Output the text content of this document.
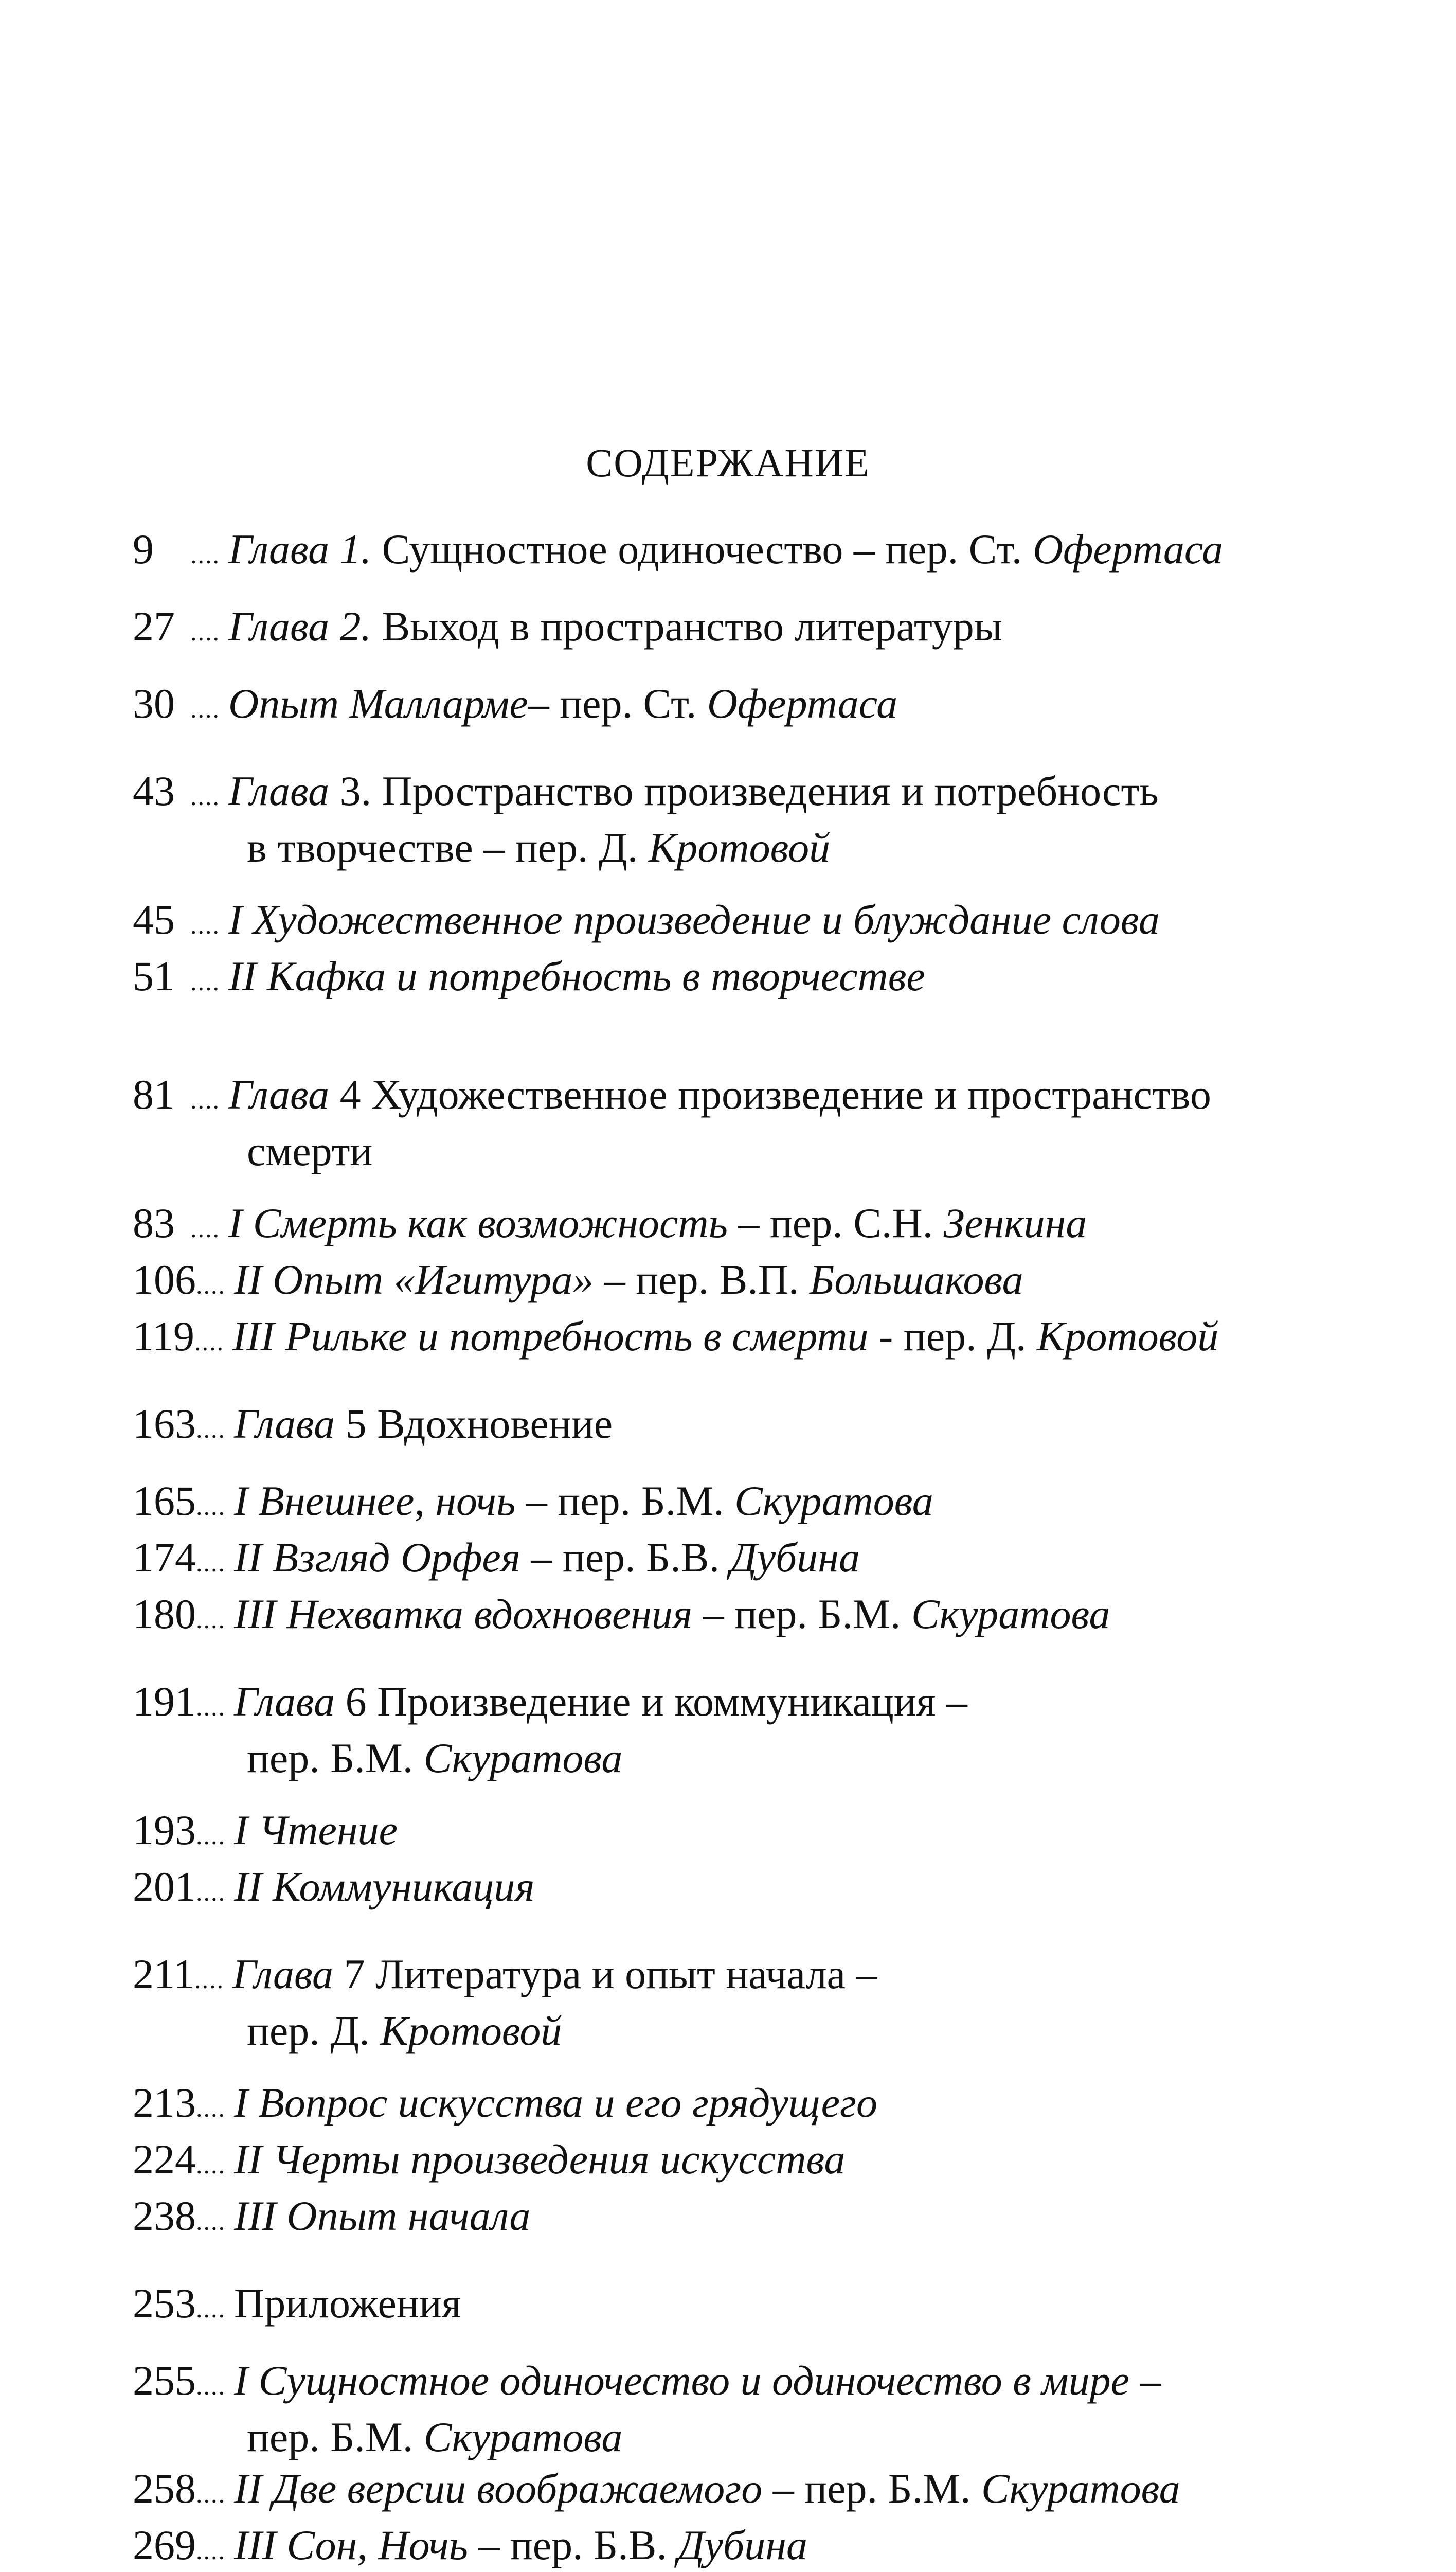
СОДЕРЖАНИЕ
9 .... Глава 1. Сущностное одиночество – пер. Ст. Офертаса
27 .... Глава 2. Выход в пространство литературы
30 .... Опыт Малларме– пер. Ст. Офертаса
43 .... Глава 3. Пространство произведения и потребность
в творчестве – пер. Д. Кротовой
45 .... I Художественное произведение и блуждание слова
51 .... II Кафка и потребность в творчестве
81 .... Глава 4 Художественное произведение и пространство
смерти
83 .... I Смерть как возможность – пер. С.Н. Зенкина
106.... II Опыт «Игитура» – пер. В.П. Большакова
119.... III Рильке и потребность в смерти - пер. Д. Кротовой
163.... Глава 5 Вдохновение
165.... I Внешнее, ночь – пер. Б.М. Скуратова
174.... II Взгляд Орфея – пер. Б.В. Дубина
180.... III Нехватка вдохновения – пер. Б.М. Скуратова
191.... Глава 6 Произведение и коммуникация –
пер. Б.М. Скуратова
193.... I Чтение
201.... II Коммуникация
211.... Глава 7 Литература и опыт начала –
пер. Д. Кротовой
213.... I Вопрос искусства и его грядущего
224.... II Черты произведения искусства
238.... III Опыт начала
253.... Приложения
255.... I Сущностное одиночество и одиночество в мире –
пер. Б.М. Скуратова
258.... II Две версии воображаемого – пер. Б.М. Скуратова
269.... III Сон, Ночь – пер. Б.В. Дубина
